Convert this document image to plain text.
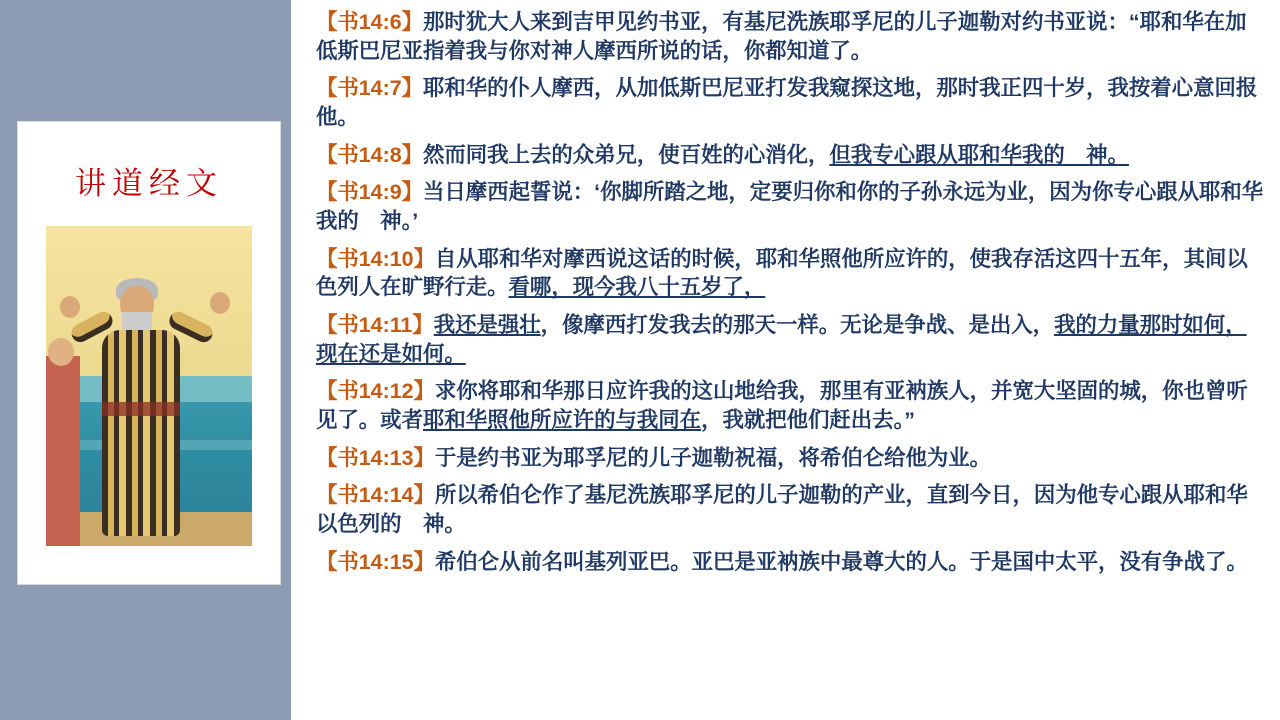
讲道经文

【书14:6】那时犹大人来到吉甲见约书亚，有基尼洗族耶孚尼的儿子迦勒对约书亚说：“耶和华在加低斯巴尼亚指着我与你对神人摩西所说的话，你都知道了。

【书14:7】耶和华的仆人摩西，从加低斯巴尼亚打发我窥探这地，那时我正四十岁，我按着心意回报他。

【书14:8】然而同我上去的众弟兄，使百姓的心消化，但我专心跟从耶和华我的　神。

【书14:9】当日摩西起誓说：‘你脚所踏之地，定要归你和你的子孙永远为业，因为你专心跟从耶和华我的　神。’

【书14:10】自从耶和华对摩西说这话的时候，耶和华照他所应许的，使我存活这四十五年，其间以色列人在旷野行走。看哪，现今我八十五岁了，

【书14:11】我还是强壮，像摩西打发我去的那天一样。无论是争战、是出入，我的力量那时如何，现在还是如何。

【书14:12】求你将耶和华那日应许我的这山地给我，那里有亚衲族人，并宽大坚固的城，你也曾听见了。或者耶和华照他所应许的与我同在，我就把他们赶出去。”

【书14:13】于是约书亚为耶孚尼的儿子迦勒祝福，将希伯仑给他为业。

【书14:14】所以希伯仑作了基尼洗族耶孚尼的儿子迦勒的产业，直到今日，因为他专心跟从耶和华以色列的　神。

【书14:15】希伯仑从前名叫基列亚巴。亚巴是亚衲族中最尊大的人。于是国中太平，没有争战了。
